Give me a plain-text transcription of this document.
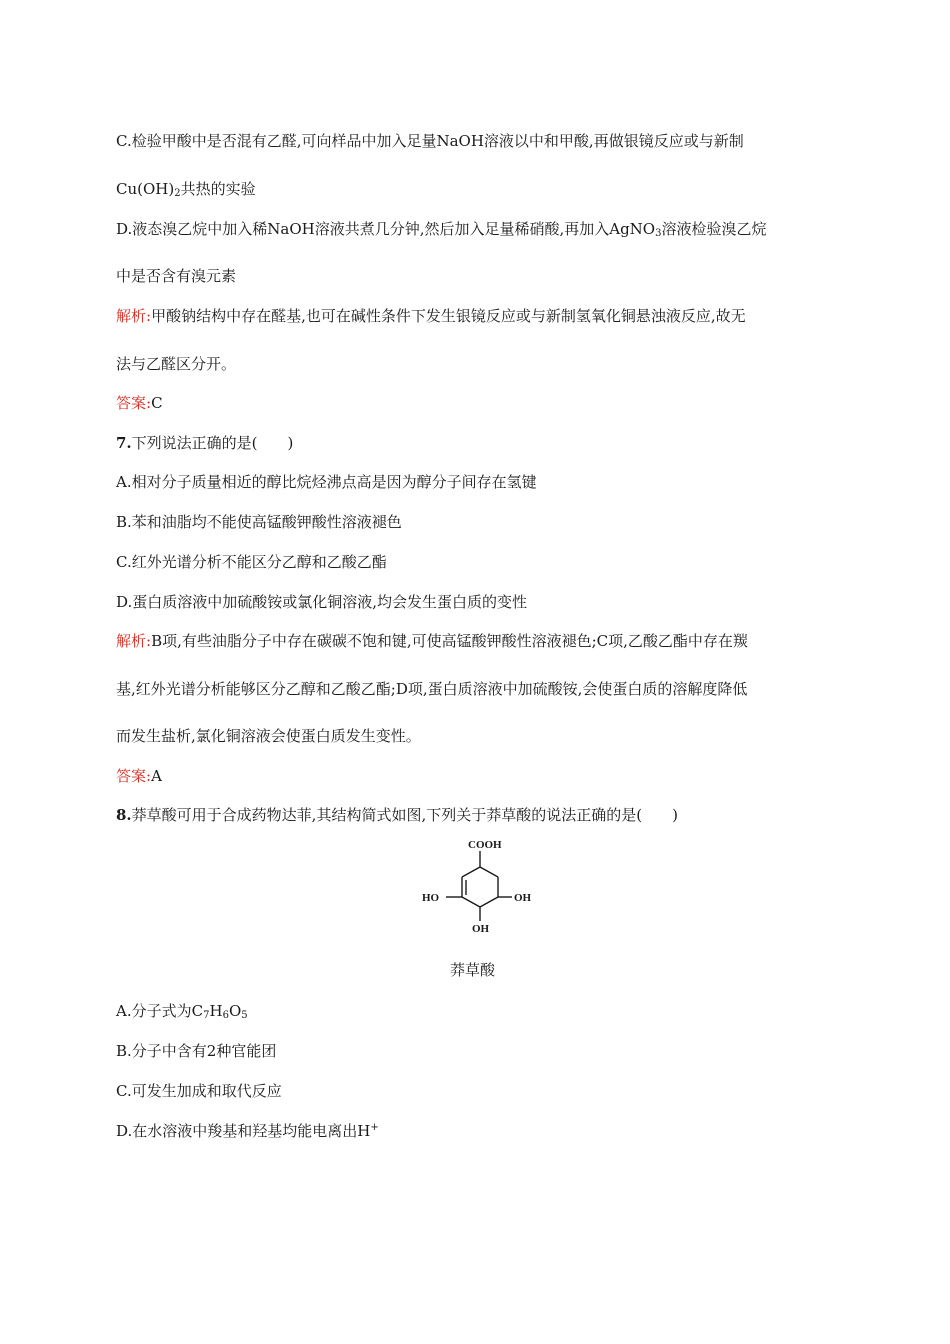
C.检验甲酸中是否混有乙醛,可向样品中加入足量NaOH溶液以中和甲酸,再做银镜反应或与新制
$Cu(OH)_2$共热的实验
D.液态溴乙烷中加入稀NaOH溶液共煮几分钟,然后加入足量稀硝酸,再加入AgNO$_3$溶液检验溴乙烷
中是否含有溴元素
解析:甲酸钠结构中存在醛基,也可在碱性条件下发生银镜反应或与新制氢氧化铜悬浊液反应,故无
法与乙醛区分开。
答案:C
7.下列说法正确的是(　　)
A.相对分子质量相近的醇比烷烃沸点高是因为醇分子间存在氢键
B.苯和油脂均不能使高锰酸钾酸性溶液褪色
C.红外光谱分析不能区分乙醇和乙酸乙酯
D.蛋白质溶液中加硫酸铵或氯化铜溶液,均会发生蛋白质的变性
解析:B项,有些油脂分子中存在碳碳不饱和键,可使高锰酸钾酸性溶液褪色;C项,乙酸乙酯中存在羰
基,红外光谱分析能够区分乙醇和乙酸乙酯;D项,蛋白质溶液中加硫酸铵,会使蛋白质的溶解度降低
而发生盐析,氯化铜溶液会使蛋白质发生变性。
答案:A
8.莽草酸可用于合成药物达菲,其结构简式如图,下列关于莽草酸的说法正确的是(　　)
COOH
HO	OH
OH
莽草酸
A.分子式为$C_7H_6O_5$
B.分子中含有2种官能团
C.可发生加成和取代反应
D.在水溶液中羧基和羟基均能电离出H+
